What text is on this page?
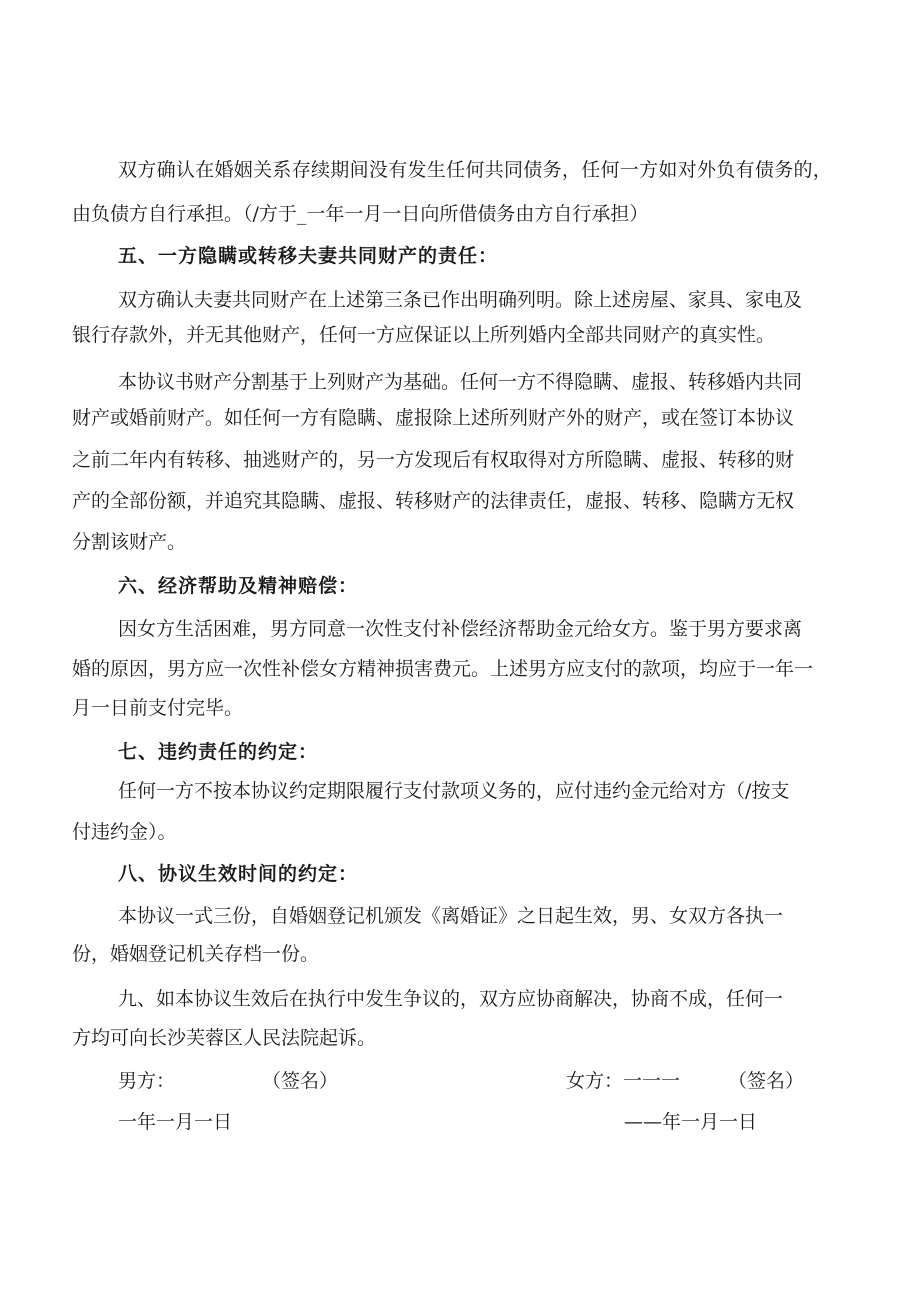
双方确认在婚姻关系存续期间没有发生任何共同债务，任何一方如对外负有债务的，
由负债方自行承担。（/方于_一年一月一日向所借债务由方自行承担）
五、一方隐瞒或转移夫妻共同财产的责任：
双方确认夫妻共同财产在上述第三条已作出明确列明。除上述房屋、家具、家电及
银行存款外，并无其他财产，任何一方应保证以上所列婚内全部共同财产的真实性。
本协议书财产分割基于上列财产为基础。任何一方不得隐瞒、虚报、转移婚内共同
财产或婚前财产。如任何一方有隐瞒、虚报除上述所列财产外的财产，或在签订本协议
之前二年内有转移、抽逃财产的，另一方发现后有权取得对方所隐瞒、虚报、转移的财
产的全部份额，并追究其隐瞒、虚报、转移财产的法律责任，虚报、转移、隐瞒方无权
分割该财产。
六、经济帮助及精神赔偿：
因女方生活困难，男方同意一次性支付补偿经济帮助金元给女方。鉴于男方要求离
婚的原因，男方应一次性补偿女方精神损害费元。上述男方应支付的款项，均应于一年一
月一日前支付完毕。
七、违约责任的约定：
任何一方不按本协议约定期限履行支付款项义务的，应付违约金元给对方（/按支
付违约金）。
八、协议生效时间的约定：
本协议一式三份，自婚姻登记机颁发《离婚证》之日起生效，男、女双方各执一
份，婚姻登记机关存档一份。
九、如本协议生效后在执行中发生争议的，双方应协商解决，协商不成，任何一
方均可向长沙芙蓉区人民法院起诉。
男方：	（签名）	女方：一一一	（签名）
一年一月一日	——年一月一日
